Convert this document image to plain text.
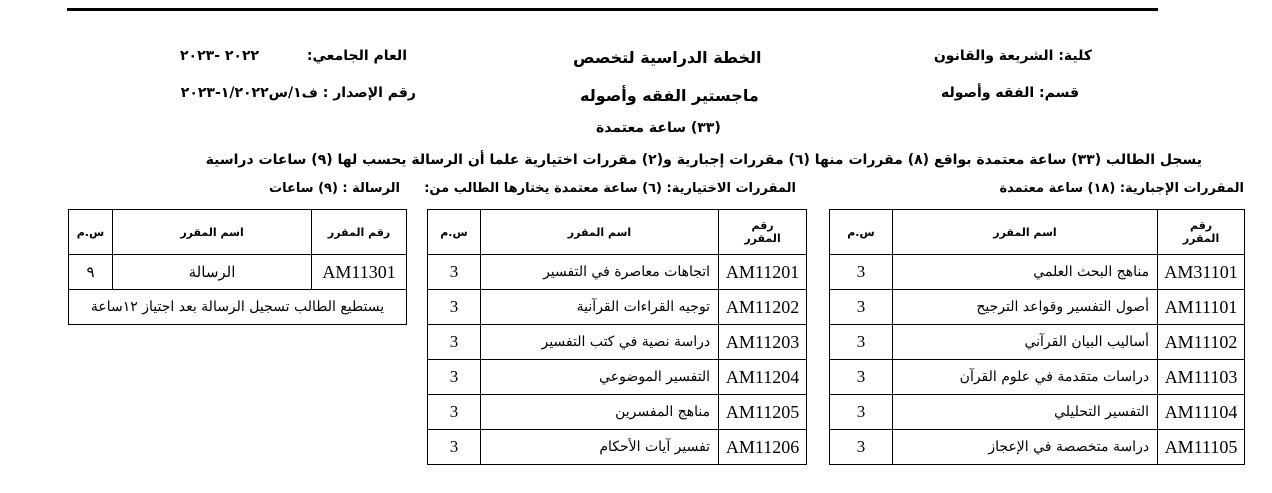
كلية: الشريعة والقانون
قسم: الفقه وأصوله
الخطة الدراسية لتخصص
ماجستير الفقه وأصوله
(٣٣) ساعة معتمدة
العام الجامعي:
٢٠٢٢ -٢٠٢٣
رقم الإصدار : ف١/س١/٢٠٢٢-٢٠٢٣
يسجل الطالب (٣٣) ساعة معتمدة بواقع (٨) مقررات منها (٦) مقررات إجبارية و(٢) مقررات اختيارية علما أن الرسالة يحسب لها (٩) ساعات دراسية
المقررات الإجبارية: (١٨) ساعة معتمدة
المقررات الاختيارية: (٦) ساعة معتمدة يختارها الطالب من:
الرسالة : (٩) ساعات
رقم
المقرر	اسم المقرر	س.م
AM31101	مناهج البحث العلمي	3
AM11101	أصول التفسير وقواعد الترجيح	3
AM11102	أساليب البيان القرآني	3
AM11103	دراسات متقدمة في علوم القرآن	3
AM11104	التفسير التحليلي	3
AM11105	دراسة متخصصة في الإعجاز	3
رقم
المقرر	اسم المقرر	س.م
AM11201	اتجاهات معاصرة في التفسير	3
AM11202	توجيه القراءات القرآنية	3
AM11203	دراسة نصية في كتب التفسير	3
AM11204	التفسير الموضوعي	3
AM11205	مناهج المفسرين	3
AM11206	تفسير آيات الأحكام	3
رقم المقرر	اسم المقرر	س.م
AM11301	الرسالة	٩
يستطيع الطالب تسجيل الرسالة بعد اجتياز ١٢ساعة		
